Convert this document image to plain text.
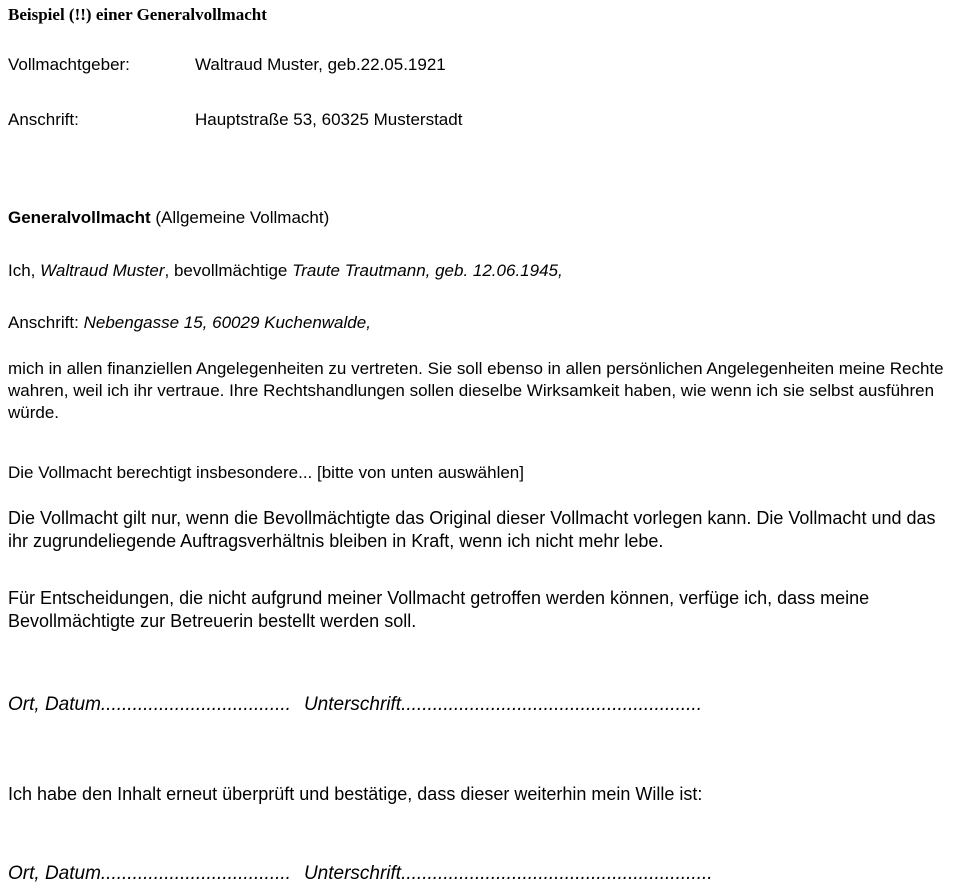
Beispiel (!!) einer Generalvollmacht
Vollmachtgeber:	Waltraud Muster, geb.22.05.1921
Anschrift:	Hauptstraße 53, 60325 Musterstadt
Generalvollmacht (Allgemeine Vollmacht)
Ich, Waltraud Muster, bevollmächtige Traute Trautmann, geb. 12.06.1945,
Anschrift: Nebengasse 15, 60029 Kuchenwalde,

mich in allen finanziellen Angelegenheiten zu vertreten. Sie soll ebenso in allen persönlichen Angelegenheiten meine Rechte wahren, weil ich ihr vertraue. Ihre Rechtshandlungen sollen dieselbe Wirksamkeit haben, wie wenn ich sie selbst ausführen würde.

Die Vollmacht berechtigt insbesondere... [bitte von unten auswählen]

Die Vollmacht gilt nur, wenn die Bevollmächtigte das Original dieser Vollmacht vorlegen kann. Die Vollmacht und das ihr zugrundeliegende Auftragsverhältnis bleiben in Kraft, wenn ich nicht mehr lebe.

Für Entscheidungen, die nicht aufgrund meiner Vollmacht getroffen werden können, verfüge ich, dass meine Bevollmächtigte zur Betreuerin bestellt werden soll.

Ort, Datum.................................... Unterschrift.........................................................
Ich habe den Inhalt erneut überprüft und bestätige, dass dieser weiterhin mein Wille ist:
Ort, Datum.................................... Unterschrift...........................................................
